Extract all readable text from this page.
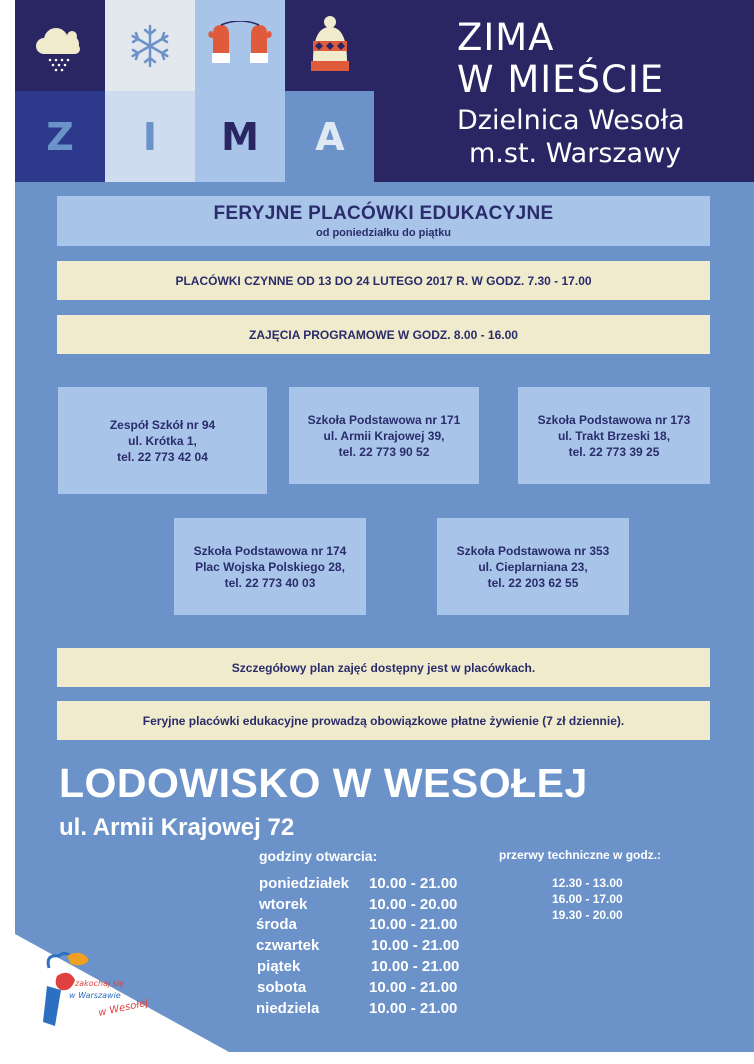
Z I M A
ZIMA
W MIEŚCIE
Dzielnica Wesoła
m.st. Warszawy
FERYJNE PLACÓWKI EDUKACYJNE
od poniedziałku do piątku
PLACÓWKI CZYNNE OD 13 DO 24 LUTEGO 2017 R. W GODZ. 7.30 - 17.00
ZAJĘCIA PROGRAMOWE W GODZ. 8.00 - 16.00
Zespół Szkół nr 94
ul. Krótka 1,
tel. 22 773 42 04
Szkoła Podstawowa nr 171
ul. Armii Krajowej 39,
tel. 22 773 90 52
Szkoła Podstawowa nr 173
ul. Trakt Brzeski 18,
tel. 22 773 39 25
Szkoła Podstawowa nr 174
Plac Wojska Polskiego 28,
tel. 22 773 40 03
Szkoła Podstawowa nr 353
ul. Cieplarniana 23,
tel. 22 203 62 55
Szczegółowy plan zajęć dostępny jest w placówkach.
Feryjne placówki edukacyjne prowadzą obowiązkowe płatne żywienie (7 zł dziennie).
LODOWISKO W WESOŁEJ
ul. Armii Krajowej 72
godziny otwarcia:	przerwy techniczne w godz.:
poniedziałek 10.00 - 21.00
wtorek	10.00 - 20.00
środa	10.00 - 21.00
czwartek	10.00 - 21.00
piątek	10.00 - 21.00
sobota	10.00 - 21.00
niedziela	10.00 - 21.00
12.30 - 13.00
16.00 - 17.00
19.30 - 20.00
zakochaj się
w Warszawie
w Wesołej
